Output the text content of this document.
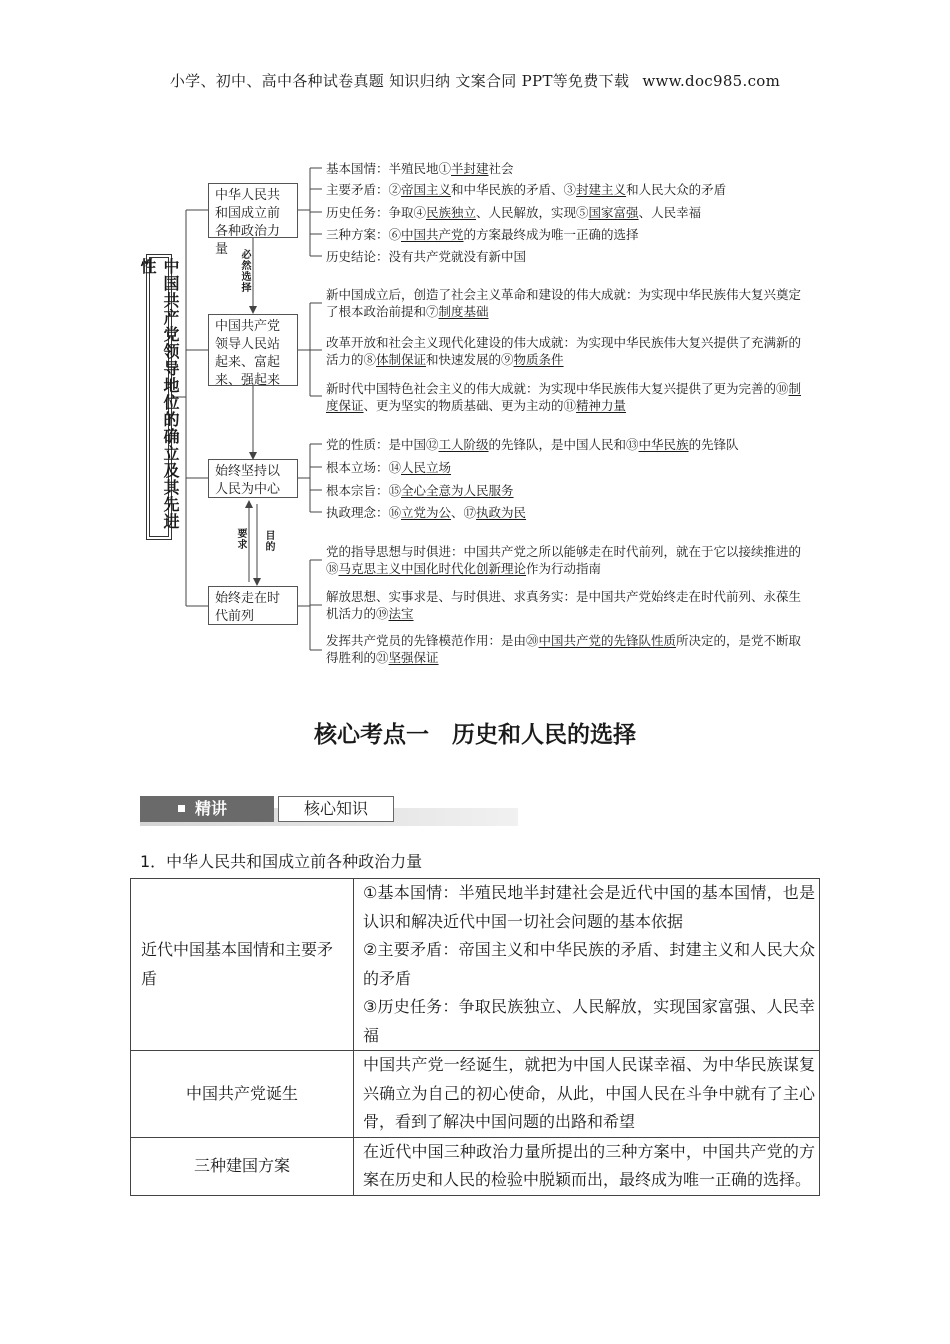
小学、初中、高中各种试卷真题 知识归纳 文案合同 PPT等免费下载 www.doc985.com
中国共产党领导地位的确立及其先进性
中华人民共和国成立前各种政治力量
中国共产党领导人民站起来、富起来、强起来
始终坚持以人民为中心
始终走在时代前列
必然选择
要求 目的
基本国情：半殖民地①半封建社会
主要矛盾：②帝国主义和中华民族的矛盾、③封建主义和人民大众的矛盾
历史任务：争取④民族独立、人民解放，实现⑤国家富强、人民幸福
三种方案：⑥中国共产党的方案最终成为唯一正确的选择
历史结论：没有共产党就没有新中国
新中国成立后，创造了社会主义革命和建设的伟大成就：为实现中华民族伟大复兴奠定了根本政治前提和⑦制度基础
改革开放和社会主义现代化建设的伟大成就：为实现中华民族伟大复兴提供了充满新的活力的⑧体制保证和快速发展的⑨物质条件
新时代中国特色社会主义的伟大成就：为实现中华民族伟大复兴提供了更为完善的⑩制度保证、更为坚实的物质基础、更为主动的⑪精神力量
党的性质：是中国⑫工人阶级的先锋队，是中国人民和⑬中华民族的先锋队
根本立场：⑭人民立场
根本宗旨：⑮全心全意为人民服务
执政理念：⑯立党为公、⑰执政为民
党的指导思想与时俱进：中国共产党之所以能够走在时代前列，就在于它以接续推进的⑱马克思主义中国化时代化创新理论作为行动指南
解放思想、实事求是、与时俱进、求真务实：是中国共产党始终走在时代前列、永葆生机活力的⑲法宝
发挥共产党员的先锋模范作用：是由⑳中国共产党的先锋队性质所决定的，是党不断取得胜利的㉑坚强保证
核心考点一　历史和人民的选择
精讲	核心知识
1．中华人民共和国成立前各种政治力量
近代中国基本国情和主要矛盾	①基本国情：半殖民地半封建社会是近代中国的基本国情，也是认识和解决近代中国一切社会问题的基本依据
②主要矛盾：帝国主义和中华民族的矛盾、封建主义和人民大众的矛盾
③历史任务：争取民族独立、人民解放，实现国家富强、人民幸福

中国共产党诞生	中国共产党一经诞生，就把为中国人民谋幸福、为中华民族谋复兴确立为自己的初心使命，从此，中国人民在斗争中就有了主心骨，看到了解决中国问题的出路和希望

三种建国方案	在近代中国三种政治力量所提出的三种方案中，中国共产党的方案在历史和人民的检验中脱颖而出，最终成为唯一正确的选择。
